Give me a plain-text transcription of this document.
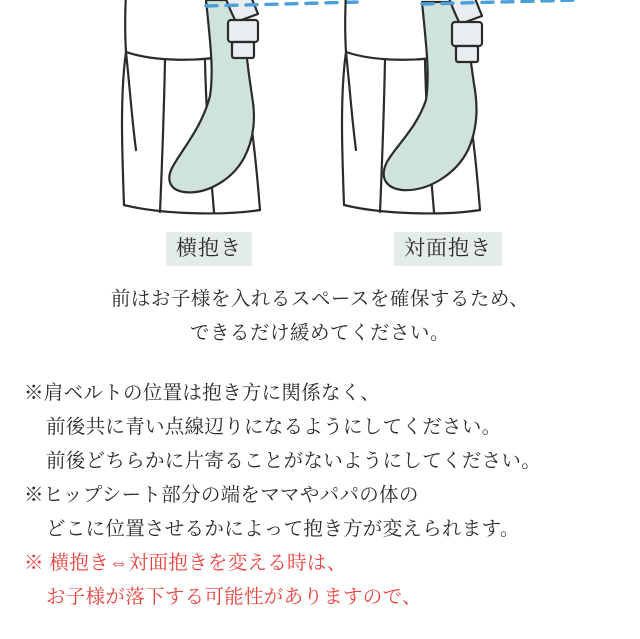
横抱き	対面抱き
前はお子様を入れるスペースを確保するため、
できるだけ緩めてください。
※肩ベルトの位置は抱き方に関係なく、
前後共に青い点線辺りになるようにしてください。
前後どちらかに片寄ることがないようにしてください。
※ヒップシート部分の端をママやパパの体の
どこに位置させるかによって抱き方が変えられます。
※ 横抱き⇔対面抱きを変える時は、
お子様が落下する可能性がありますので、
